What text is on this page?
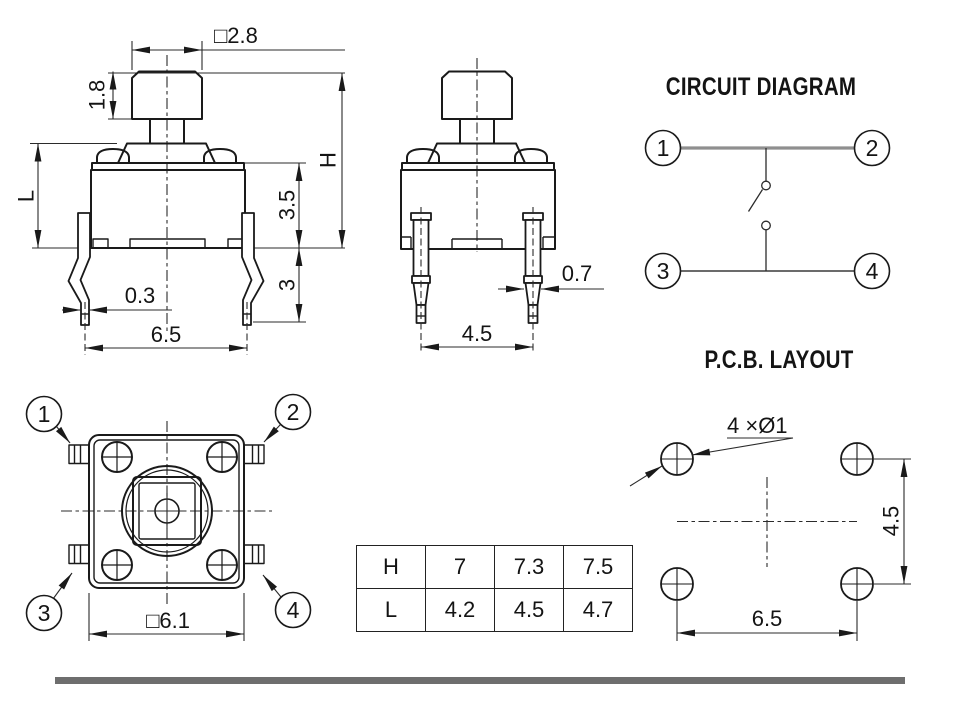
□2.8
1.8
L
H
3.5
3
0.3
6.5
0.7
4.5
CIRCUIT DIAGRAM
1	2
3	4
1	2
3	4
□6.1
P.C.B. LAYOUT
4 ×Ø1
4.5
6.5
H	7	7.3	7.5
L	4.2	4.5	4.7
